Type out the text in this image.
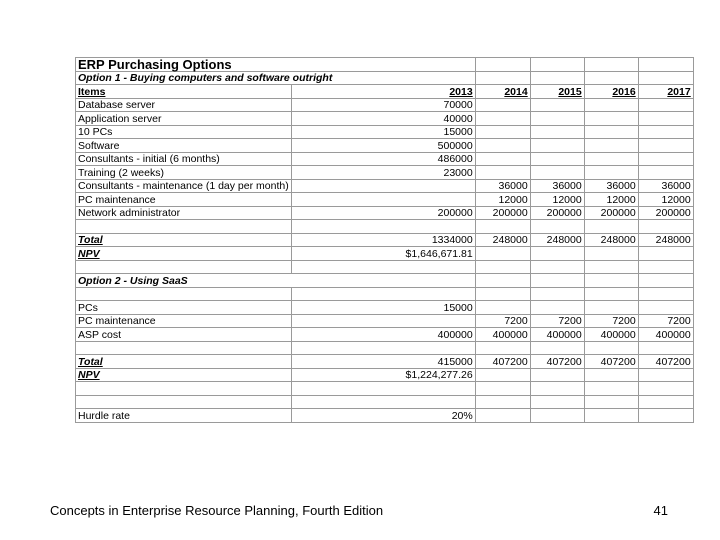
ERP Purchasing Options					
Option 1 - Buying computers and software outright					
Items	2013	2014	2015	2016	2017
Database server	70000				
Application server	40000				
10 PCs	15000				
Software	500000				
Consultants - initial (6 months)	486000				
Training (2 weeks)	23000				
Consultants - maintenance (1 day per month)		36000	36000	36000	36000
PC maintenance		12000	12000	12000	12000
Network administrator	200000	200000	200000	200000	200000

Total	1334000	248000	248000	248000	248000
NPV	$1,646,671.81				

Option 2 - Using SaaS					

PCs	15000				
PC maintenance		7200	7200	7200	7200
ASP cost	400000	400000	400000	400000	400000

Total	415000	407200	407200	407200	407200
NPV	$1,224,277.26				

Hurdle rate	20%				
Concepts in Enterprise Resource Planning, Fourth Edition	41
